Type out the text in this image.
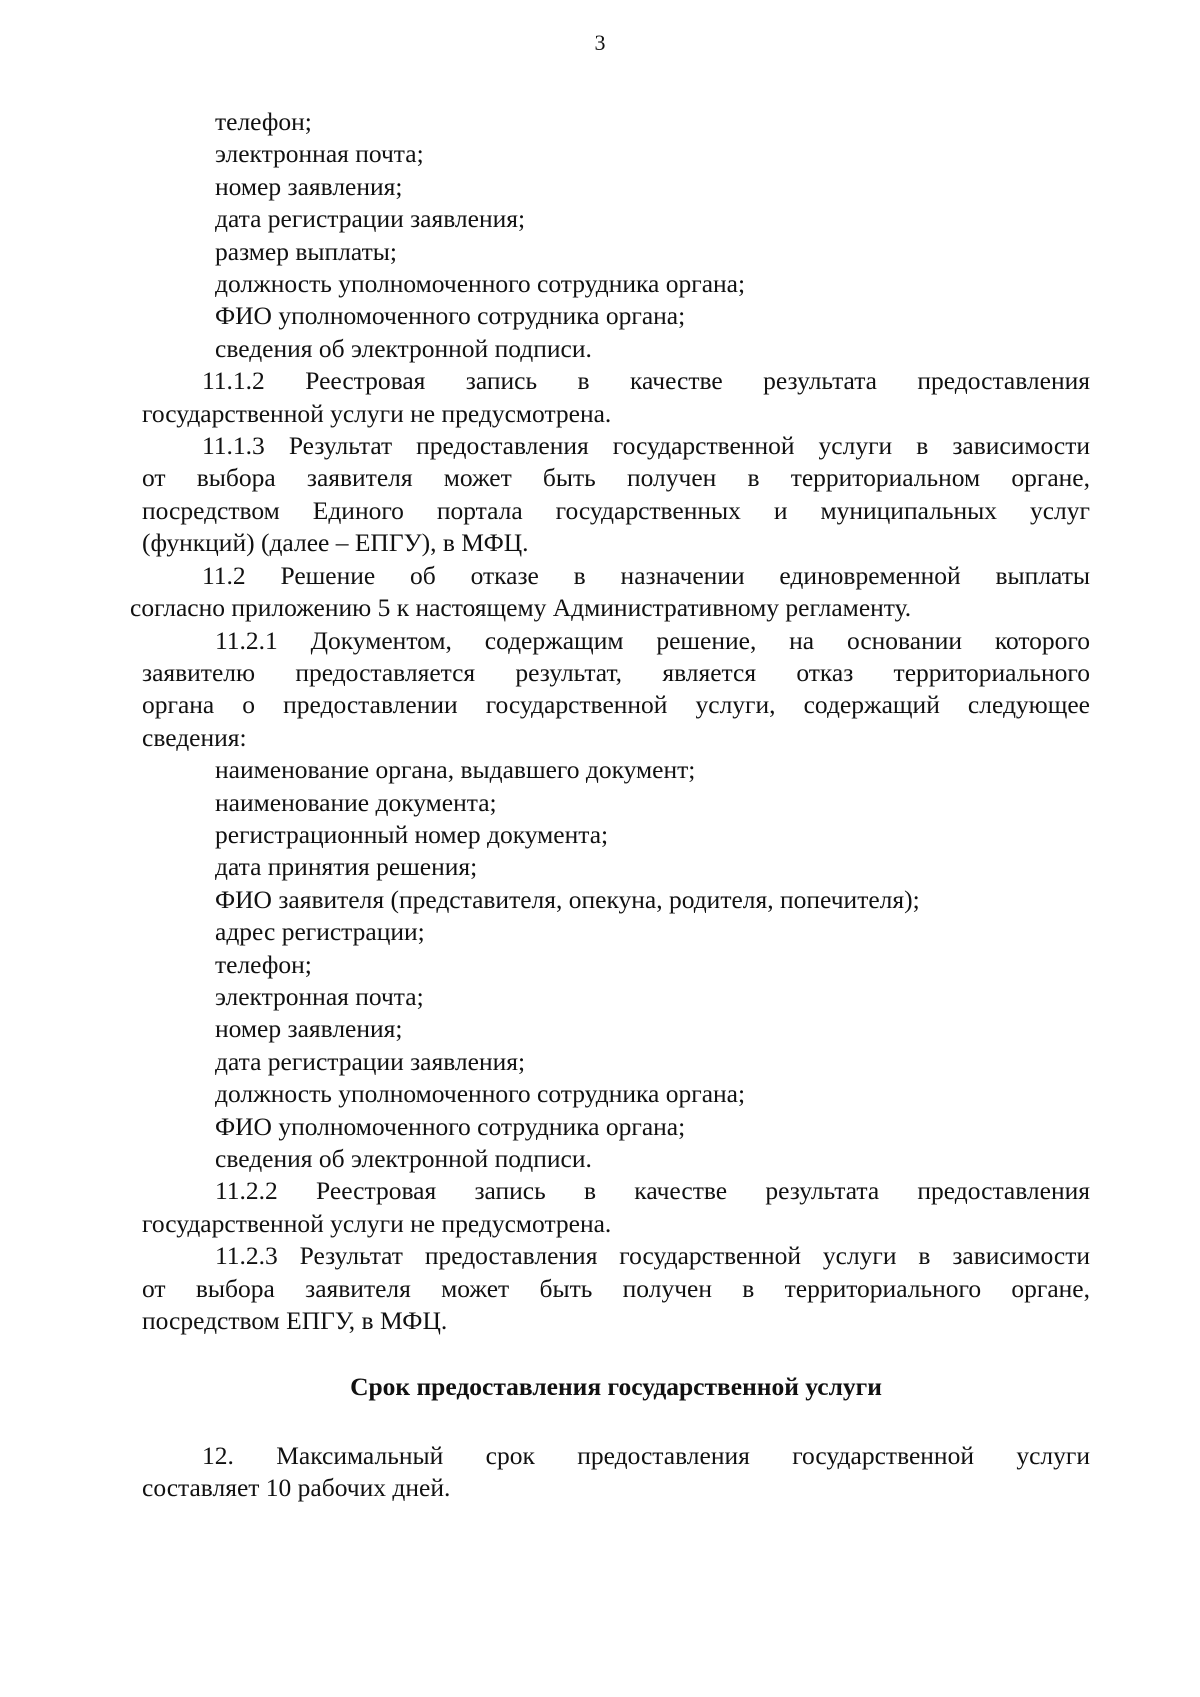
3
телефон;
электронная почта;
номер заявления;
дата регистрации заявления;
размер выплаты;
должность уполномоченного сотрудника органа;
ФИО уполномоченного сотрудника органа;
сведения об электронной подписи.
11.1.2 Реестровая запись в качестве результата предоставления
государственной услуги не предусмотрена.
11.1.3 Результат предоставления государственной услуги в зависимости
от выбора заявителя может быть получен в территориальном органе,
посредством Единого портала государственных и муниципальных услуг
(функций) (далее – ЕПГУ), в МФЦ.
11.2 Решение об отказе в назначении единовременной выплаты
согласно приложению 5 к настоящему Административному регламенту.
11.2.1 Документом, содержащим решение, на основании которого
заявителю предоставляется результат, является отказ территориального
органа о предоставлении государственной услуги, содержащий следующее
сведения:
наименование органа, выдавшего документ;
наименование документа;
регистрационный номер документа;
дата принятия решения;
ФИО заявителя (представителя, опекуна, родителя, попечителя);
адрес регистрации;
телефон;
электронная почта;
номер заявления;
дата регистрации заявления;
должность уполномоченного сотрудника органа;
ФИО уполномоченного сотрудника органа;
сведения об электронной подписи.
11.2.2 Реестровая запись в качестве результата предоставления
государственной услуги не предусмотрена.
11.2.3 Результат предоставления государственной услуги в зависимости
от выбора заявителя может быть получен в территориального органе,
посредством ЕПГУ, в МФЦ.
Срок предоставления государственной услуги
12. Максимальный срок предоставления государственной услуги
составляет 10 рабочих дней.
